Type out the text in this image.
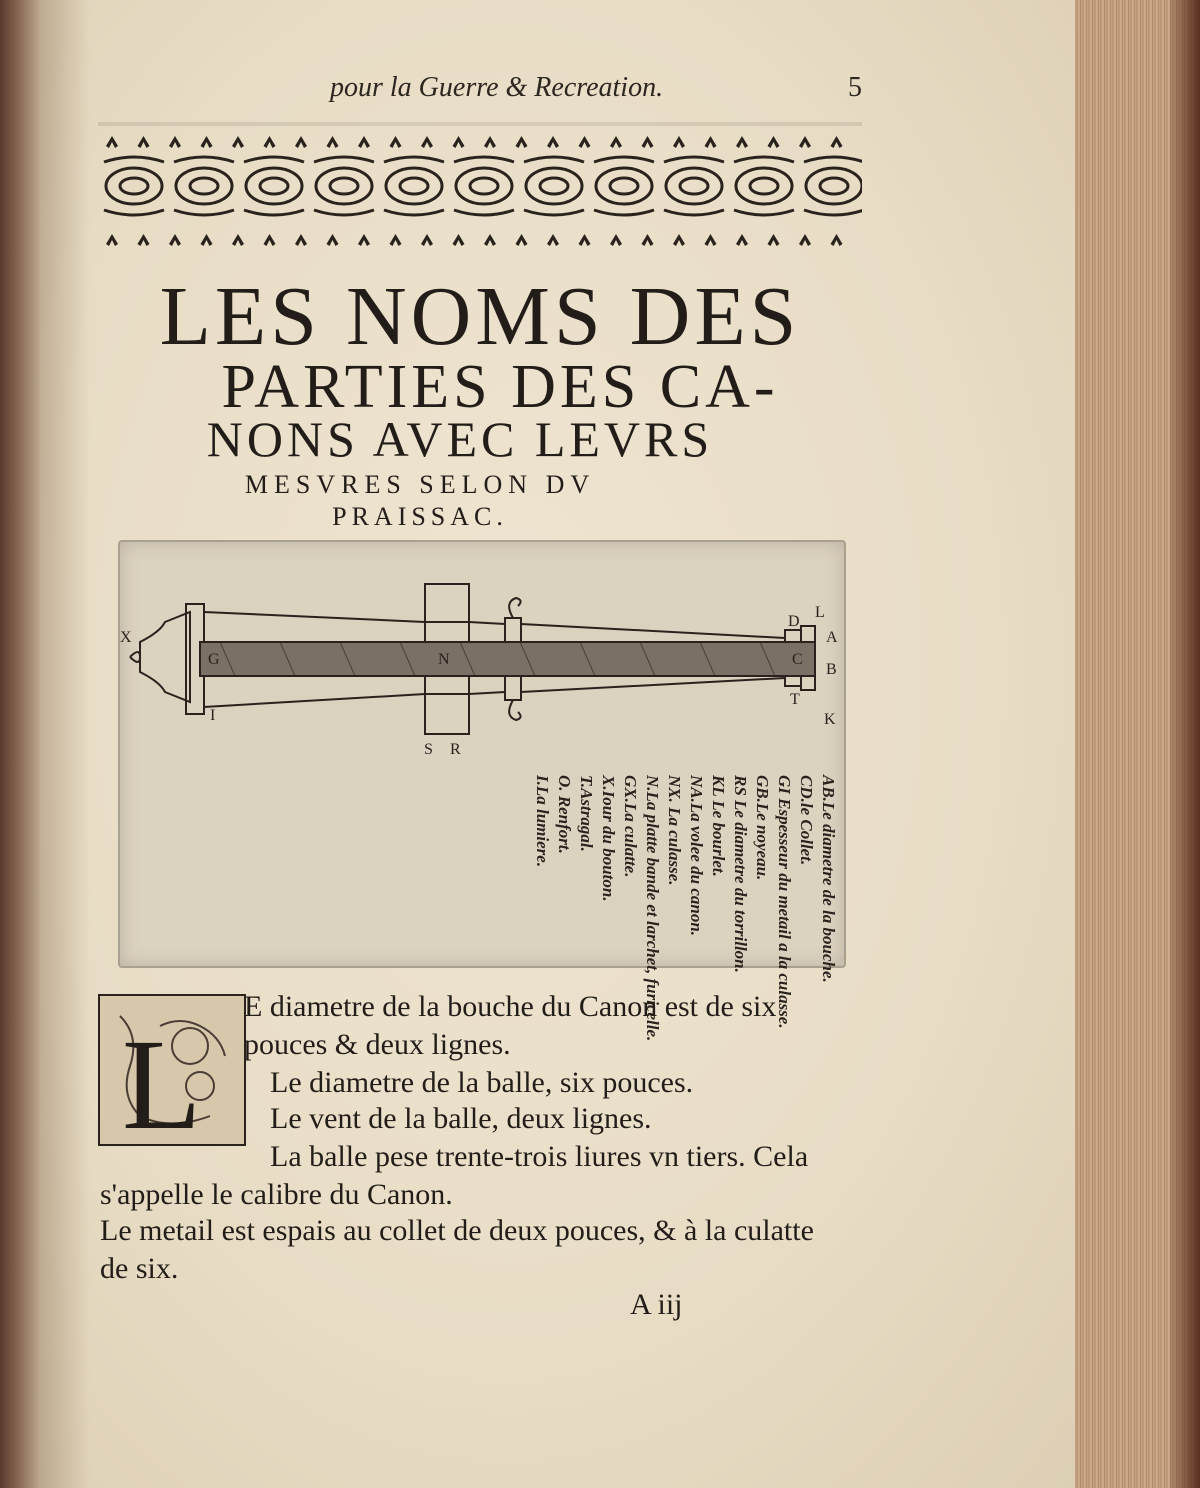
pour la Guerre & Recreation.	5
LES NOMS DES
PARTIES DES CA-
NONS AVEC LEVRS
MESVRES SELON DV
PRAISSAC.
G	N	C
A
B
D
K
L
T
X
I
R
S
AB.Le diametre de la bouche.
CD.le Collet.
GI Espesseur du metail a la culasse.
GB.Le noyeau.
RS Le diametre du torrillon.
KL Le bourlet.
NA.La volee du canon.
NX. La culasse.
N.La platte bande et larchet, furicelle.
GX.La culatte.
X.Iour du bouton.
T.Astragal.
O. Renfort.
I.La lumiere.
L
E diametre de la bouche du Canon est de six
pouces & deux lignes.
Le diametre de la balle, six pouces.
Le vent de la balle, deux lignes.
La balle pese trente-trois liures vn tiers. Cela
s'appelle le calibre du Canon.
Le metail est espais au collet de deux pouces, & à la culatte
de six.
A iij
